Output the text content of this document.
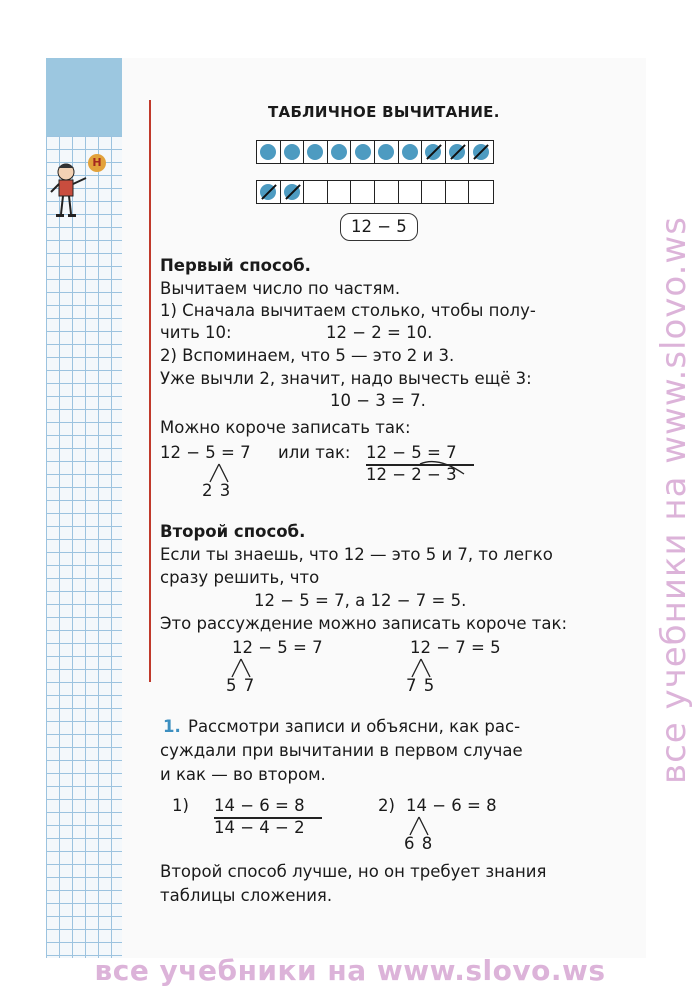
Н
ТАБЛИЧНОЕ ВЫЧИТАНИЕ.
12 − 5
Первый способ.
Вычитаем число по частям.
1) Сначала вычитаем столько, чтобы полу-
чить 10:	12 − 2 = 10.
2) Вспоминаем, что 5 — это 2 и 3.
Уже вычли 2, значит, надо вычесть ещё 3:
10 − 3 = 7.
Можно короче записать так:
12 − 5 = 7
2 3
или так: 12 − 5 = 7
12 − 2 − 3
Второй способ.
Если ты знаешь, что 12 — это 5 и 7, то легко
сразу решить, что
12 − 5 = 7, а 12 − 7 = 5.
Это рассуждение можно записать короче так:
12 − 5 = 7
5 7
12 − 7 = 5
7 5
1. Рассмотри записи и объясни, как рас-
суждали при вычитании в первом случае
и как — во втором.
1) 14 − 6 = 8
14 − 4 − 2
2) 14 − 6 = 8
6 8
Второй способ лучше, но он требует знания
таблицы сложения.
все учебники на www.slovo.ws
все учебники на www.slovo.ws
